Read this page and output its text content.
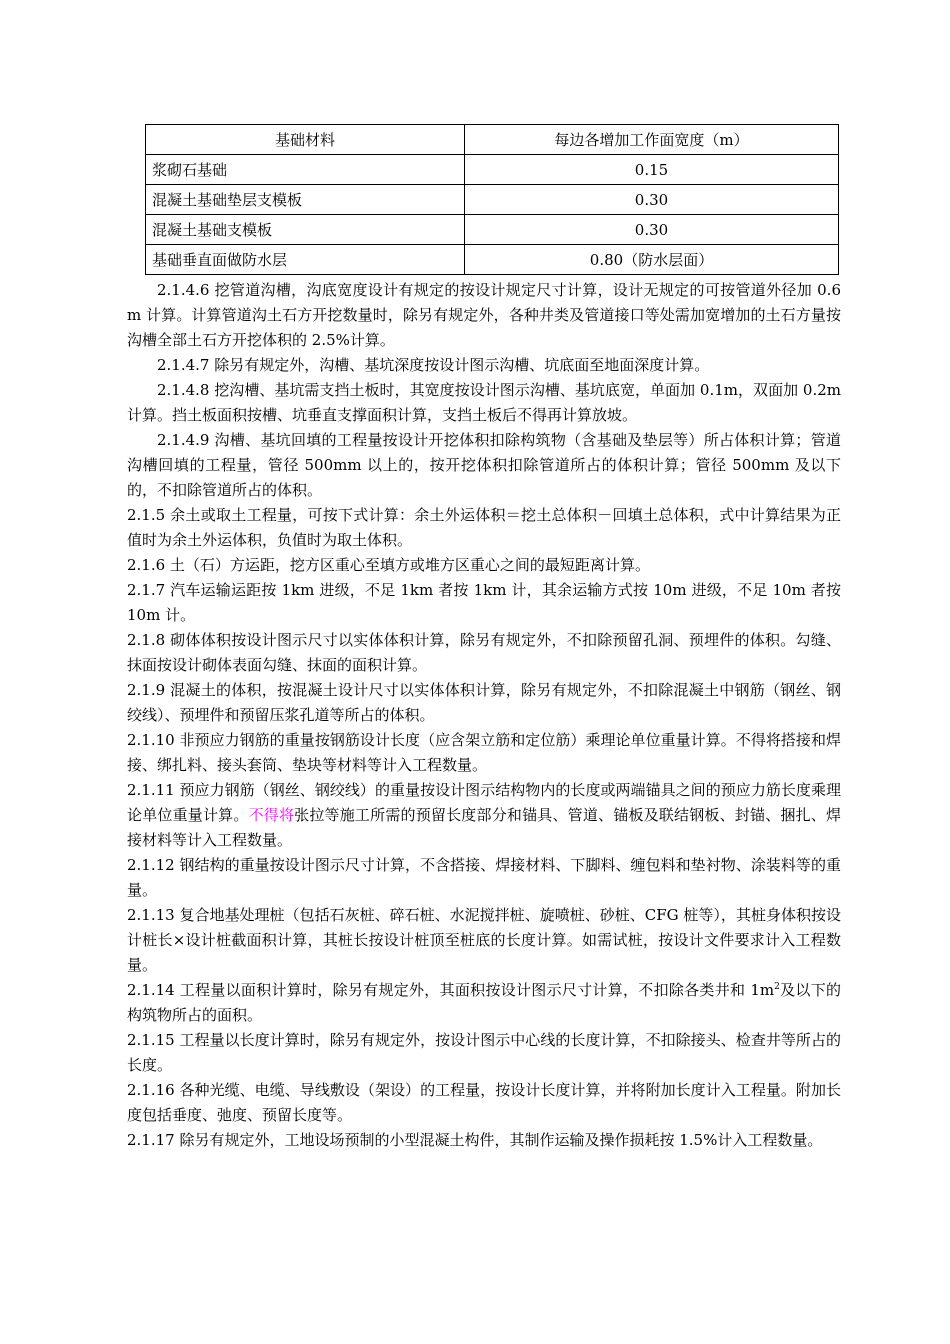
基础材料	每边各增加工作面宽度（m）
浆砌石基础	0.15
混凝土基础垫层支模板	0.30
混凝土基础支模板	0.30
基础垂直面做防水层	0.80（防水层面）

2.1.4.6 挖管道沟槽，沟底宽度设计有规定的按设计规定尺寸计算，设计无规定的可按管道外径加 0.6m 计算。计算管道沟土石方开挖数量时，除另有规定外，各种井类及管道接口等处需加宽增加的土石方量按沟槽全部土石方开挖体积的 2.5%计算。

2.1.4.7 除另有规定外，沟槽、基坑深度按设计图示沟槽、坑底面至地面深度计算。

2.1.4.8 挖沟槽、基坑需支挡土板时，其宽度按设计图示沟槽、基坑底宽，单面加 0.1m，双面加 0.2m 计算。挡土板面积按槽、坑垂直支撑面积计算，支挡土板后不得再计算放坡。

2.1.4.9 沟槽、基坑回填的工程量按设计开挖体积扣除构筑物（含基础及垫层等）所占体积计算；管道沟槽回填的工程量，管径 500mm 以上的，按开挖体积扣除管道所占的体积计算；管径 500mm 及以下的，不扣除管道所占的体积。

2.1.5 余土或取土工程量，可按下式计算：余土外运体积＝挖土总体积－回填土总体积，式中计算结果为正值时为余土外运体积，负值时为取土体积。

2.1.6 土（石）方运距，挖方区重心至填方或堆方区重心之间的最短距离计算。

2.1.7 汽车运输运距按 1km 进级，不足 1km 者按 1km 计，其余运输方式按 10m 进级，不足 10m 者按 10m 计。

2.1.8 砌体体积按设计图示尺寸以实体体积计算，除另有规定外，不扣除预留孔洞、预埋件的体积。勾缝、抹面按设计砌体表面勾缝、抹面的面积计算。

2.1.9 混凝土的体积，按混凝土设计尺寸以实体体积计算，除另有规定外，不扣除混凝土中钢筋（钢丝、钢绞线）、预埋件和预留压浆孔道等所占的体积。

2.1.10 非预应力钢筋的重量按钢筋设计长度（应含架立筋和定位筋）乘理论单位重量计算。不得将搭接和焊接、绑扎料、接头套筒、垫块等材料等计入工程数量。

2.1.11 预应力钢筋（钢丝、钢绞线）的重量按设计图示结构物内的长度或两端锚具之间的预应力筋长度乘理论单位重量计算。不得将张拉等施工所需的预留长度部分和锚具、管道、锚板及联结钢板、封锚、捆扎、焊接材料等计入工程数量。

2.1.12 钢结构的重量按设计图示尺寸计算，不含搭接、焊接材料、下脚料、缠包料和垫衬物、涂装料等的重量。

2.1.13 复合地基处理桩（包括石灰桩、碎石桩、水泥搅拌桩、旋喷桩、砂桩、CFG 桩等），其桩身体积按设计桩长×设计桩截面积计算，其桩长按设计桩顶至桩底的长度计算。如需试桩，按设计文件要求计入工程数量。

2.1.14 工程量以面积计算时，除另有规定外，其面积按设计图示尺寸计算，不扣除各类井和 $1m^2$及以下的构筑物所占的面积。

2.1.15 工程量以长度计算时，除另有规定外，按设计图示中心线的长度计算，不扣除接头、检查井等所占的长度。

2.1.16 各种光缆、电缆、导线敷设（架设）的工程量，按设计长度计算，并将附加长度计入工程量。附加长度包括垂度、弛度、预留长度等。

2.1.17 除另有规定外，工地设场预制的小型混凝土构件，其制作运输及操作损耗按 1.5%计入工程数量。
